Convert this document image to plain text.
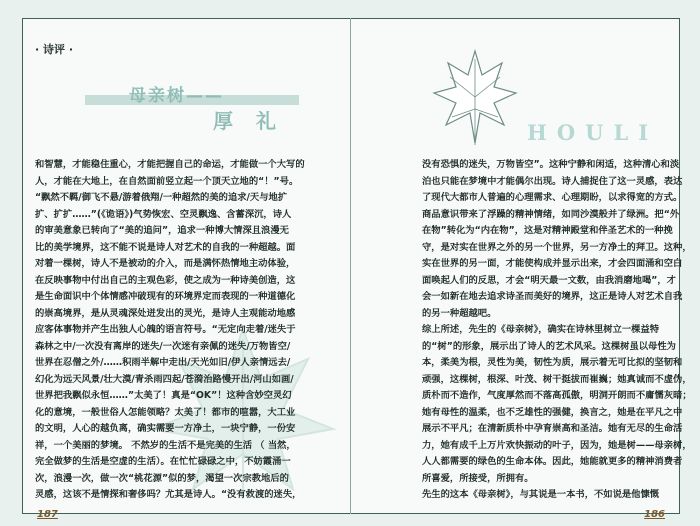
· 诗评 ·
母亲树——
厚 礼

和智慧，才能稳住重心，才能把握自己的命运，才能做一个大写的

人，才能在大地上，在自然面前竖立起一个顶天立地的“！”号。

“飘然不羁/御飞不悬/游着俄翔/一种超然的美的追求/天与地扩

扩、扩扩……”(《诡语》)气势恢宏、空灵飘逸、含蓄深沉，诗人

的审美意象已转向了“美的追问”，追求一种博大情深且浪漫无

比的美学境界，这不能不说是诗人对艺术的自我的一种超越。面

对着一棵树，诗人不是被动的介入，而是满怀热情地主动体验，

在反映事物中付出自己的主观色彩，使之成为一种诗美创造，这

是生命面识中个体情感冲破现有的环境界定而表现的一种道德化

的崇高境界，是从灵魂深处迸发出的灵光，是诗人主观能动地感

应客体事物并产生出独人心魄的语言符号。“无定向走着/迷失于

森林之中/一次没有离岸的迷失/一次迷有亲佩的迷失/万物皆空/

世界在忍僧之外/……积雨半解中走出/天光如旧/伊人亲情远去/

幻化为远天风景/壮大漠/青杀雨四起/苍漪治路慢开出/河山如画/

世界把我飘似永恒……”太美了！真是“OK”！这种含妙空灵幻

化的意境，一般世俗人怎能领略？太美了！都市的喧嚣，大工业

的文明，人心的越负离，确实需要一方净土，一块宁静，一份安

祥，一个美丽的梦境。 不然岁的生活不是完美的生活 （ 当然，

完全做梦的生活是空虚的生活）。在忙忙碌碌之中，不妨霞涌一

次，浪漫一次，做一次“桃花源”似的梦，渴望一次宗教地后的

灵感，这该不是情探和奢侈吗？尤其是诗人。“没有救渡的迷失，

187
HOULI

没有恐惧的迷失，万物皆空”。这种宁静和闲适，这种清心和淡

泊也只能在梦境中才能偶尔出现。诗人捕捉住了这一灵感，表达

了现代大都市人普遍的心理需求、心理期盼，以求得宽的方式。

商品意识带来了浮躁的精神情绪，如同沙漠般并了绿洲。把“外

在物”转化为“内在物”，这是对精神殿堂和伴圣艺术的一种挽

守，是对实在世界之外的另一个世界，另一方净土的拜卫。这种，

实在世界的另一面，才能使构成并显示出来，才会四面涌和空白

面唤起人们的反思，才会“明天最一文数，由我消磨地喝”，才

会一如新在地去追求诗圣而美好的境界，这正是诗人对艺术自我

的另一种超越吧。

综上所述，先生的《母亲树》，确实在诗林里树立一棵益特

的“树”的形象，展示出了诗人的艺术风采。这棵树虽以母性为

本，柔美为根，灵性为美，韧性为质，展示着无可比拟的坚韧和

顽强，这棵树，根深、叶茂、树干挺拔而崔巍；她真诚而不虚伪，

质朴而不造作，气度厚然而不落高孤傲，明洞开朗而不庸懦灰暗；

她有母性的温柔，也不乏雄性的强健，换言之，她是在平凡之中

展示不平凡；在清新质朴中孕育崇高和圣洁。她有无尽的生命活

力，她有成千上万片欢快振动的叶子，因为，她是树——母亲树，

人人都需要的绿色的生命本体。因此，她能就更多的精神消费者

所喜爱，所接受，所拥有。

先生的这本《母亲树》，与其说是一本书，不如说是他慷慨

186
